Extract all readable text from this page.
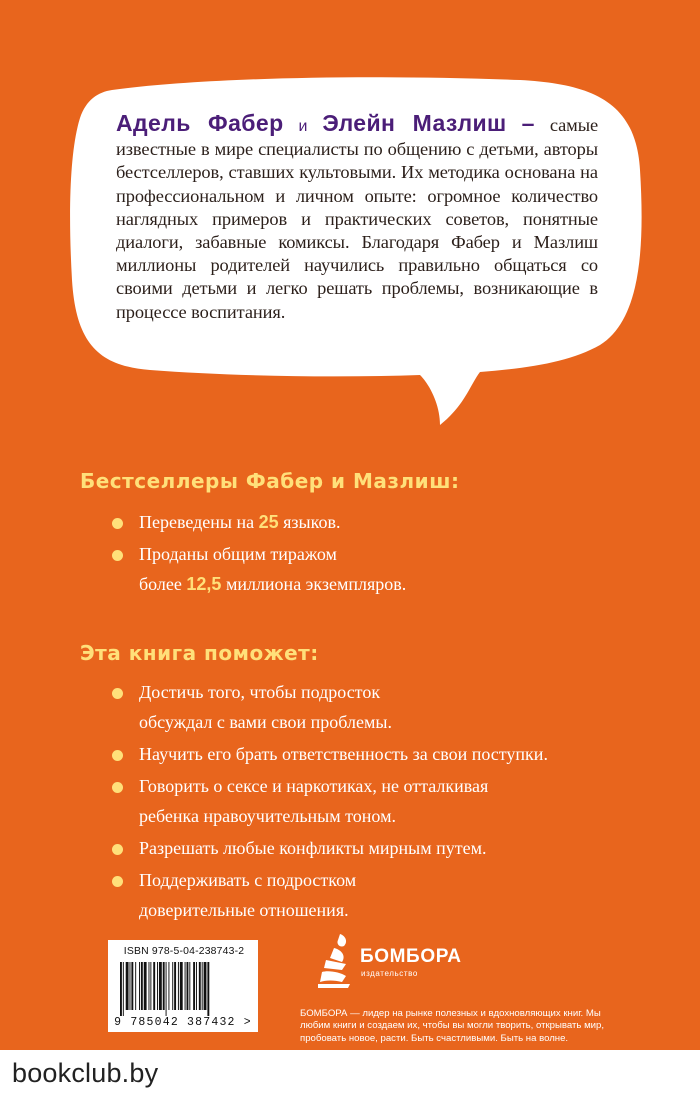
Адель Фабер и Элейн Мазлиш – самые известные в мире специалисты по общению с детьми, авторы бестселлеров, ставших культовыми. Их методика основана на профессиональном и личном опыте: огромное количество наглядных примеров и практических советов, понятные диалоги, забавные комиксы. Благодаря Фабер и Мазлиш миллионы родителей научились правильно общаться со своими детьми и легко решать проблемы, возникающие в процессе воспитания.
Бестселлеры Фабер и Мазлиш:
Переведены на 25 языков.
Проданы общим тиражом
более 12,5 миллиона экземпляров.
Эта книга поможет:
Достичь того, чтобы подросток
обсуждал с вами свои проблемы.
Научить его брать ответственность за свои поступки.
Говорить о сексе и наркотиках, не отталкивая
ребенка нравоучительным тоном.
Разрешать любые конфликты мирным путем.
Поддерживать с подростком
доверительные отношения.
ISBN 978-5-04-238743-2
9 785042 387432 >
БОМБОРА
издательство
БОМБОРА — лидер на рынке полезных и вдохновляющих книг. Мы любим книги и создаем их, чтобы вы могли творить, открывать мир, пробовать новое, расти. Быть счастливыми. Быть на волне.
bookclub.by
